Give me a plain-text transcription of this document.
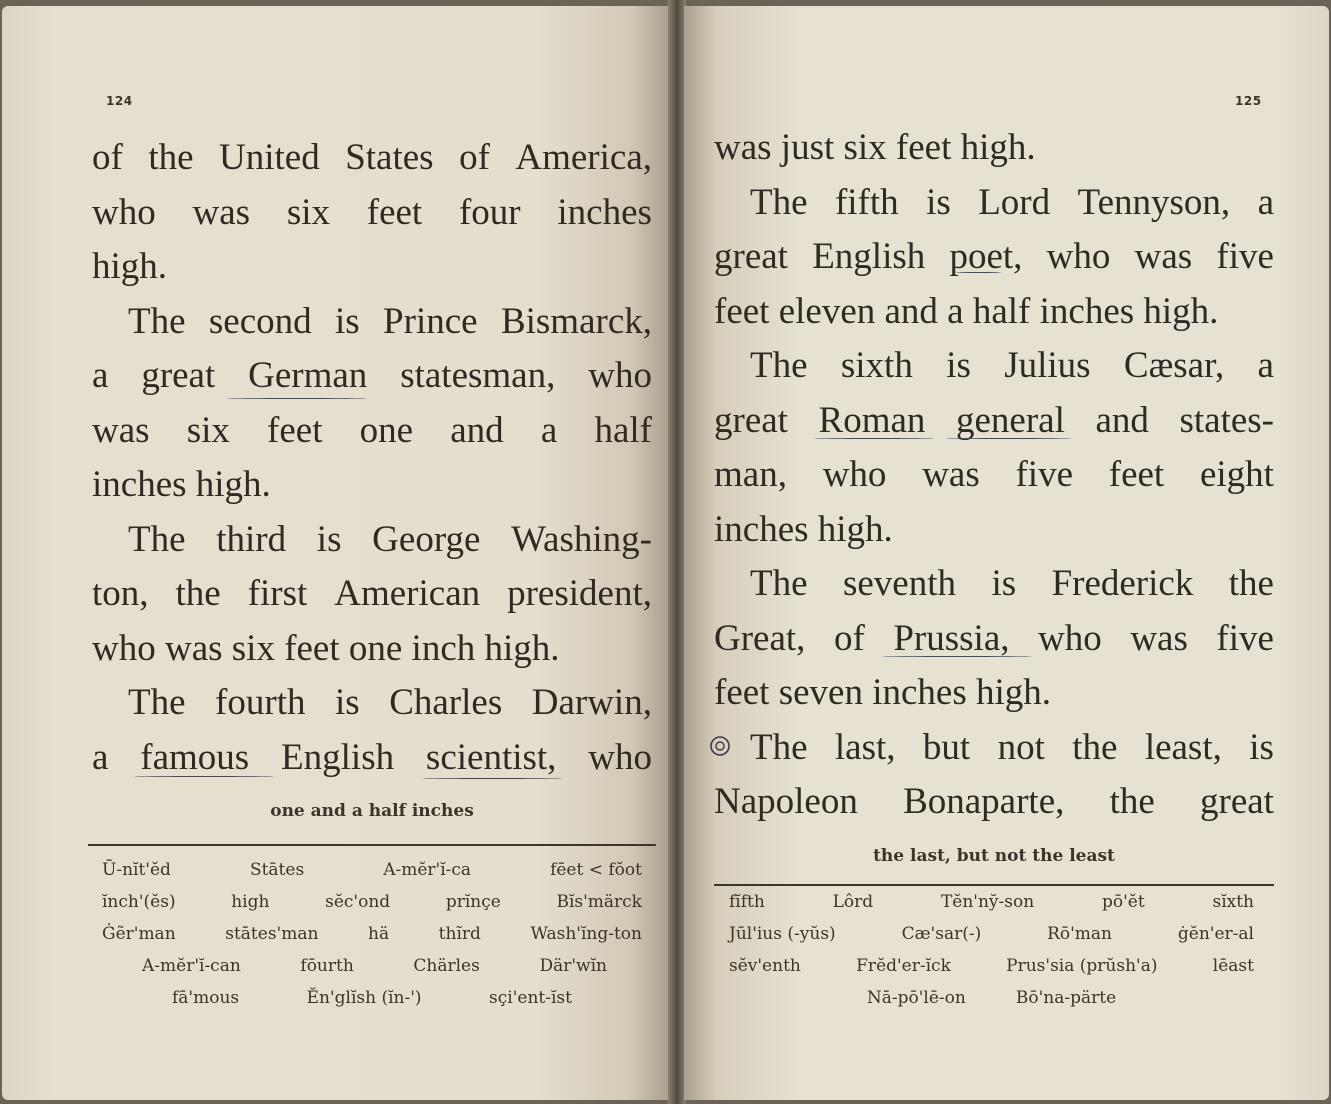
124
of the United States of America,
who was six feet four inches
high.
The second is Prince Bismarck,
a great German statesman, who
was six feet one and a half
inches high.
The third is George Washing-
ton, the first American president,
who was six feet one inch high.
The fourth is Charles Darwin,
a famous English scientist, who
one and a half inches
Ū-nĭt'ĕd	Stātes	A-mĕr'ĭ-ca	fēet < fŏot
ĭnch'(ĕs)	high	sĕc'ond	prĭnçe	Bĭs'märck
Ġẽr'man	stātes'man	hä	thĩrd	Wash'ĭng-ton
A-mĕr'ĭ-can	fōurth	Chärles	Där'wĭn
fā'mous	Ĕn'glĭsh (ĭn-')	sçi'ent-ĭst
125
was just six feet high.
The fifth is Lord Tennyson, a
great English poet, who was five
feet eleven and a half inches high.
The sixth is Julius Cæsar, a
great Roman general and states-
man, who was five feet eight
inches high.
The seventh is Frederick the
Great, of Prussia, who was five
feet seven inches high.
The last, but not the least, is
Napoleon Bonaparte, the great
the last, but not the least
fĭfth	Lôrd	Tĕn'ny̆-son	pō'ĕt	sĭxth
Jūl'ius (-yŭs)	Cæ'sar(-)	Rō'man	ġĕn'er-al
sĕv'enth	Frĕd'er-ĭck	Prus'sia (prŭsh'a)	lēast
Nā-pō'lē-on	Bō'na-pärte
